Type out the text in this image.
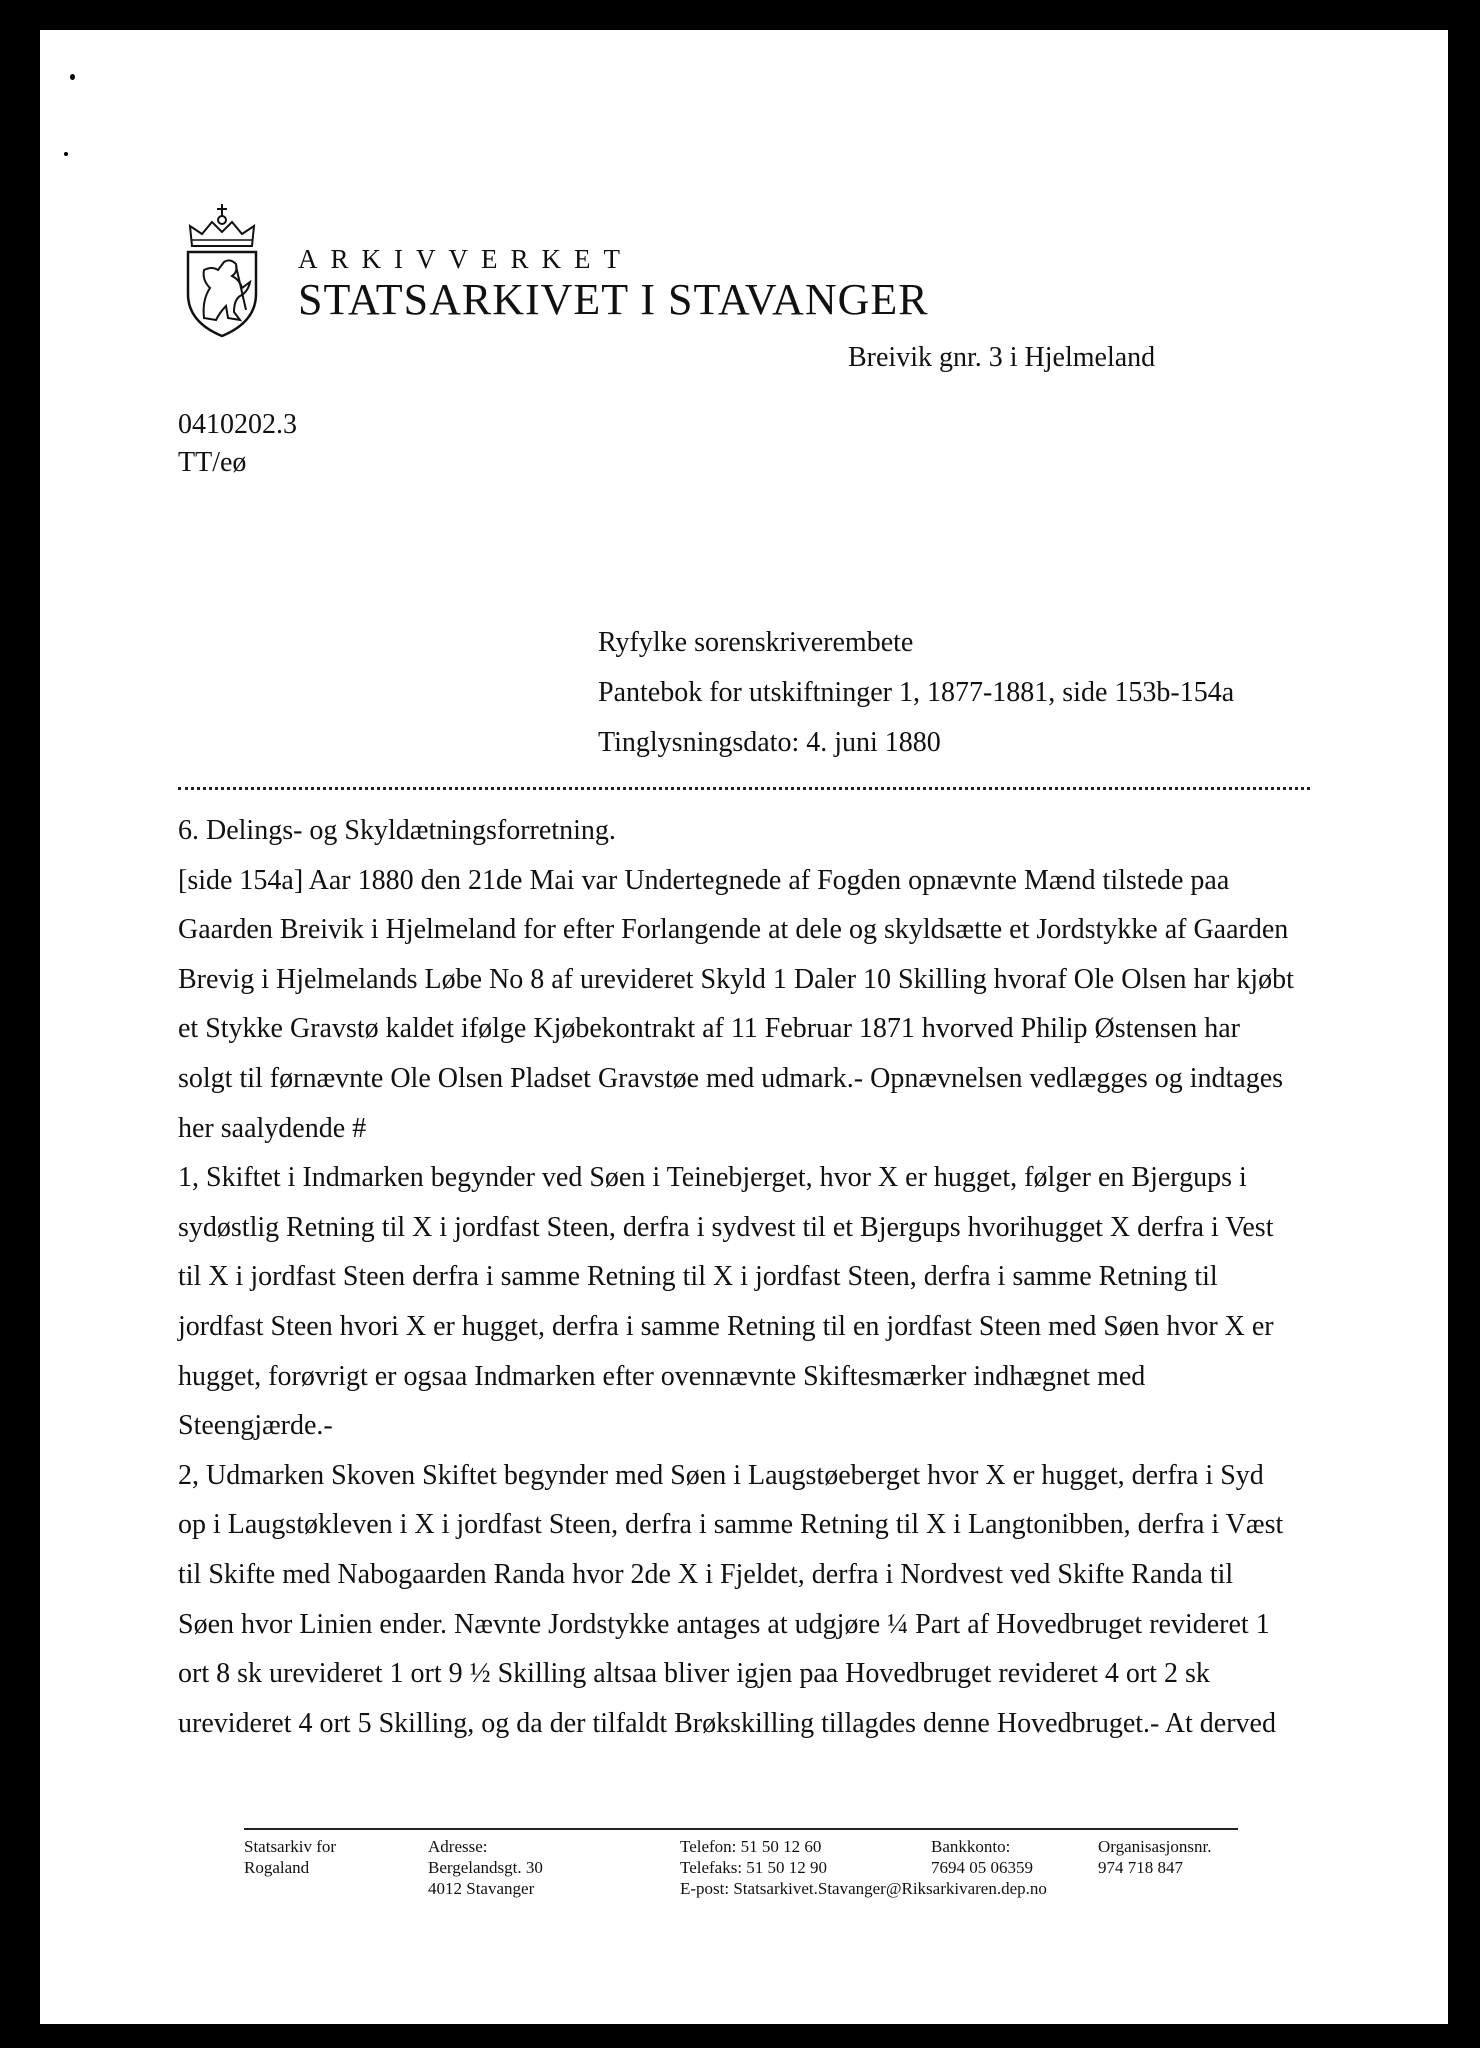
ARKIVVERKET
STATSARKIVET I STAVANGER
Breivik gnr. 3 i Hjelmeland
0410202.3
TT/eø
Ryfylke sorenskriverembete
Pantebok for utskiftninger 1, 1877-1881, side 153b-154a
Tinglysningsdato: 4. juni 1880
6. Delings- og Skyldætningsforretning.
[side 154a] Aar 1880 den 21de Mai var Undertegnede af Fogden opnævnte Mænd tilstede paa
Gaarden Breivik i Hjelmeland for efter Forlangende at dele og skyldsætte et Jordstykke af Gaarden
Brevig i Hjelmelands Løbe No 8 af urevideret Skyld 1 Daler 10 Skilling hvoraf Ole Olsen har kjøbt
et Stykke Gravstø kaldet ifølge Kjøbekontrakt af 11 Februar 1871 hvorved Philip Østensen har
solgt til førnævnte Ole Olsen Pladset Gravstøe med udmark.- Opnævnelsen vedlægges og indtages
her saalydende #
1, Skiftet i Indmarken begynder ved Søen i Teinebjerget, hvor X er hugget, følger en Bjergups i
sydøstlig Retning til X i jordfast Steen, derfra i sydvest til et Bjergups hvorihugget X derfra i Vest
til X i jordfast Steen derfra i samme Retning til X i jordfast Steen, derfra i samme Retning til
jordfast Steen hvori X er hugget, derfra i samme Retning til en jordfast Steen med Søen hvor X er
hugget, forøvrigt er ogsaa Indmarken efter ovennævnte Skiftesmærker indhægnet med
Steengjærde.-
2, Udmarken Skoven Skiftet begynder med Søen i Laugstøeberget hvor X er hugget, derfra i Syd
op i Laugstøkleven i X i jordfast Steen, derfra i samme Retning til X i Langtonibben, derfra i Væst
til Skifte med Nabogaarden Randa hvor 2de X i Fjeldet, derfra i Nordvest ved Skifte Randa til
Søen hvor Linien ender. Nævnte Jordstykke antages at udgjøre ¼ Part af Hovedbruget revideret 1
ort 8 sk urevideret 1 ort 9 ½ Skilling altsaa bliver igjen paa Hovedbruget revideret 4 ort 2 sk
urevideret 4 ort 5 Skilling, og da der tilfaldt Brøkskilling tillagdes denne Hovedbruget.- At derved
Statsarkiv for
Rogaland
Adresse:
Bergelandsgt. 30
4012 Stavanger
Telefon: 51 50 12 60
Telefaks: 51 50 12 90
E-post: Statsarkivet.Stavanger@Riksarkivaren.dep.no
Bankkonto:
7694 05 06359
Organisasjonsnr.
974 718 847
